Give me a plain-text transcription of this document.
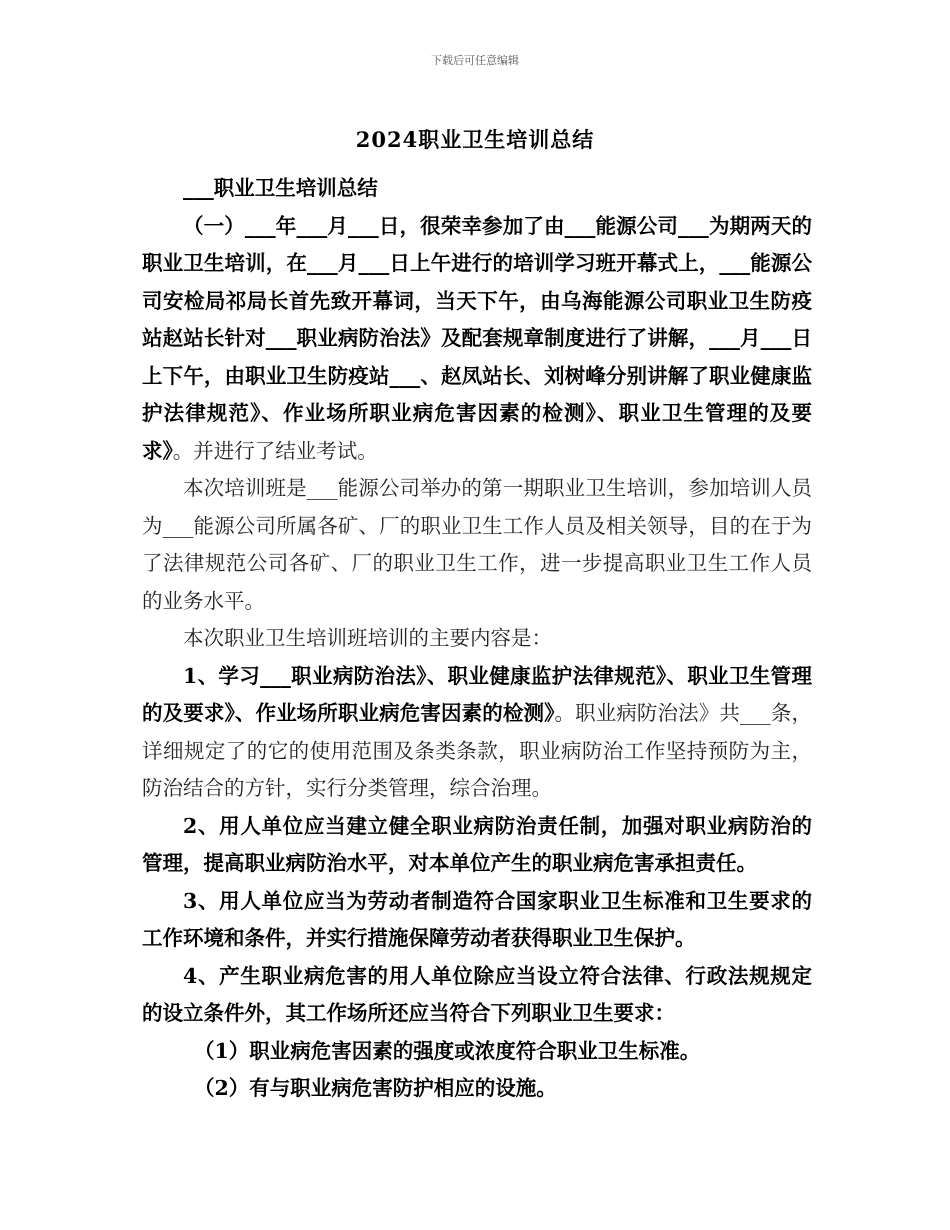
下载后可任意编辑
2024职业卫生培训总结

___职业卫生培训总结

（一）___年___月___日，很荣幸参加了由___能源公司___为期两天的职业卫生培训，在___月___日上午进行的培训学习班开幕式上，___能源公司安检局祁局长首先致开幕词，当天下午，由乌海能源公司职业卫生防疫站赵站长针对___职业病防治法》及配套规章制度进行了讲解，___月___日上下午，由职业卫生防疫站___、赵凤站长、刘树峰分别讲解了职业健康监护法律规范》、作业场所职业病危害因素的检测》、职业卫生管理的及要求》。并进行了结业考试。

本次培训班是___能源公司举办的第一期职业卫生培训，参加培训人员为___能源公司所属各矿、厂的职业卫生工作人员及相关领导，目的在于为了法律规范公司各矿、厂的职业卫生工作，进一步提高职业卫生工作人员的业务水平。

本次职业卫生培训班培训的主要内容是：

1、学习___职业病防治法》、职业健康监护法律规范》、职业卫生管理的及要求》、作业场所职业病危害因素的检测》。职业病防治法》共___条，详细规定了的它的使用范围及条类条款，职业病防治工作坚持预防为主，防治结合的方针，实行分类管理，综合治理。

2、用人单位应当建立健全职业病防治责任制，加强对职业病防治的管理，提高职业病防治水平，对本单位产生的职业病危害承担责任。

3、用人单位应当为劳动者制造符合国家职业卫生标准和卫生要求的工作环境和条件，并实行措施保障劳动者获得职业卫生保护。

4、产生职业病危害的用人单位除应当设立符合法律、行政法规规定的设立条件外，其工作场所还应当符合下列职业卫生要求：

（1）职业病危害因素的强度或浓度符合职业卫生标准。

（2）有与职业病危害防护相应的设施。
